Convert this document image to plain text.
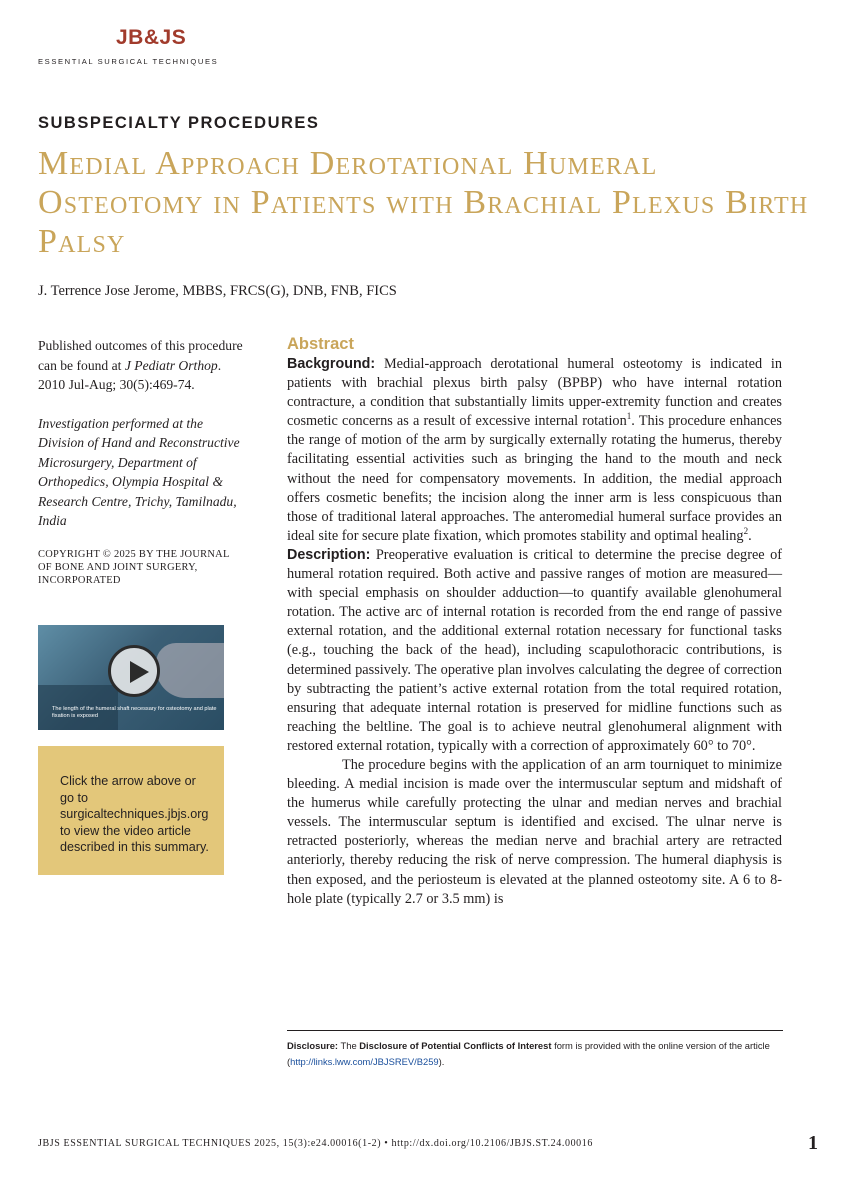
JB&JS
ESSENTIAL SURGICAL TECHNIQUES
SUBSPECIALTY PROCEDURES
Medial Approach Derotational Humeral Osteotomy in Patients with Brachial Plexus Birth Palsy
J. Terrence Jose Jerome, MBBS, FRCS(G), DNB, FNB, FICS

Published outcomes of this procedure can be found at J Pediatr Orthop. 2010 Jul-Aug; 30(5):469-74.

Investigation performed at the Division of Hand and Reconstructive Microsurgery, Department of Orthopedics, Olympia Hospital & Research Centre, Trichy, Tamilnadu, India

COPYRIGHT © 2025 BY THE JOURNAL OF BONE AND JOINT SURGERY, INCORPORATED

The length of the humeral shaft necessary for osteotomy and plate fixation is exposed
Click the arrow above or go to surgicaltechniques.jbjs.org to view the video article described in this summary.
Abstract

Background: Medial-approach derotational humeral osteotomy is indicated in patients with brachial plexus birth palsy (BPBP) who have internal rotation contracture, a condition that substantially limits upper-extremity function and creates cosmetic concerns as a result of excessive internal rotation$^1$. This procedure enhances the range of motion of the arm by surgically externally rotating the humerus, thereby facilitating essential activities such as bringing the hand to the mouth and neck without the need for compensatory movements. In addition, the medial approach offers cosmetic benefits; the incision along the inner arm is less conspicuous than those of traditional lateral approaches. The anteromedial humeral surface provides an ideal site for secure plate fixation, which promotes stability and optimal healing$^2$.

Description: Preoperative evaluation is critical to determine the precise degree of humeral rotation required. Both active and passive ranges of motion are measured—with special emphasis on shoulder adduction—to quantify available glenohumeral rotation. The active arc of internal rotation is recorded from the end range of passive external rotation, and the additional external rotation necessary for functional tasks (e.g., touching the back of the head), including scapulothoracic contributions, is determined passively. The operative plan involves calculating the degree of correction by subtracting the patient’s active external rotation from the total required rotation, ensuring that adequate internal rotation is preserved for midline functions such as reaching the beltline. The goal is to achieve neutral glenohumeral alignment with restored external rotation, typically with a correction of approximately 60° to 70°.

The procedure begins with the application of an arm tourniquet to minimize bleeding. A medial incision is made over the intermuscular septum and midshaft of the humerus while carefully protecting the ulnar and median nerves and brachial vessels. The intermuscular septum is identified and excised. The ulnar nerve is retracted posteriorly, whereas the median nerve and brachial artery are retracted anteriorly, thereby reducing the risk of nerve compression. The humeral diaphysis is then exposed, and the periosteum is elevated at the planned osteotomy site. A 6 to 8-hole plate (typically 2.7 or 3.5 mm) is

Disclosure: The Disclosure of Potential Conflicts of Interest form is provided with the online version of the article (http://links.lww.com/JBJSREV/B259).
JBJS ESSENTIAL SURGICAL TECHNIQUES 2025, 15(3):e24.00016(1-2) • http://dx.doi.org/10.2106/JBJS.ST.24.00016	1
